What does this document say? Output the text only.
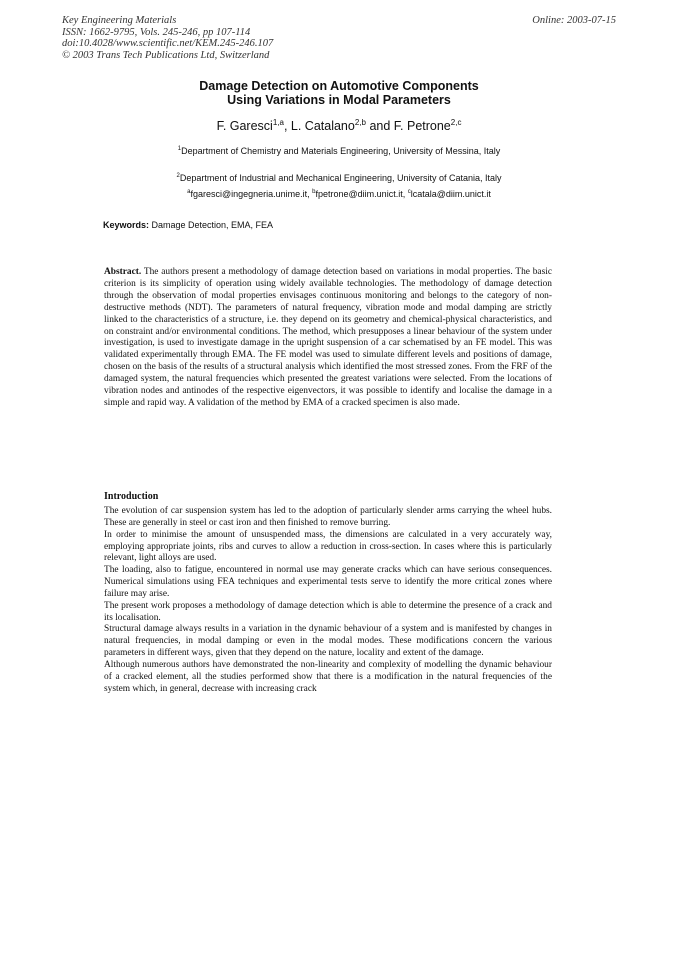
Key Engineering Materials
ISSN: 1662-9795, Vols. 245-246, pp 107-114
doi:10.4028/www.scientific.net/KEM.245-246.107
© 2003 Trans Tech Publications Ltd, Switzerland
Online: 2003-07-15
Damage Detection on Automotive Components
Using Variations in Modal Parameters
F. Garesci$^{1,a}$, L. Catalano$^{2,b}$ and F. Petrone$^{2,c}$
$^1$Department of Chemistry and Materials Engineering, University of Messina, Italy
$^2$Department of Industrial and Mechanical Engineering, University of Catania, Italy
$^a$fgaresci@ingegneria.unime.it, $^b$fpetrone@diim.unict.it, $^c$lcatala@diim.unict.it
Keywords: Damage Detection, EMA, FEA
Abstract. The authors present a methodology of damage detection based on variations in modal properties. The basic criterion is its simplicity of operation using widely available technologies. The methodology of damage detection through the observation of modal properties envisages continuous monitoring and belongs to the category of non-destructive methods (NDT). The parameters of natural frequency, vibration mode and modal damping are strictly linked to the characteristics of a structure, i.e. they depend on its geometry and chemical-physical characteristics, and on constraint and/or environmental conditions. The method, which presupposes a linear behaviour of the system under investigation, is used to investigate damage in the upright suspension of a car schematised by an FE model. This was validated experimentally through EMA. The FE model was used to simulate different levels and positions of damage, chosen on the basis of the results of a structural analysis which identified the most stressed zones. From the FRF of the damaged system, the natural frequencies which presented the greatest variations were selected. From the locations of vibration nodes and antinodes of the respective eigenvectors, it was possible to identify and localise the damage in a simple and rapid way. A validation of the method by EMA of a cracked specimen is also made.
Introduction

The evolution of car suspension system has led to the adoption of particularly slender arms carrying the wheel hubs. These are generally in steel or cast iron and then finished to remove burring.

In order to minimise the amount of unsuspended mass, the dimensions are calculated in a very accurately way, employing appropriate joints, ribs and curves to allow a reduction in cross-section. In cases where this is particularly relevant, light alloys are used.

The loading, also to fatigue, encountered in normal use may generate cracks which can have serious consequences. Numerical simulations using FEA techniques and experimental tests serve to identify the more critical zones where failure may arise.

The present work proposes a methodology of damage detection which is able to determine the presence of a crack and its localisation.

Structural damage always results in a variation in the dynamic behaviour of a system and is manifested by changes in natural frequencies, in modal damping or even in the modal modes. These modifications concern the various parameters in different ways, given that they depend on the nature, locality and extent of the damage.

Although numerous authors have demonstrated the non-linearity and complexity of modelling the dynamic behaviour of a cracked element, all the studies performed show that there is a modification in the natural frequencies of the system which, in general, decrease with increasing crack
